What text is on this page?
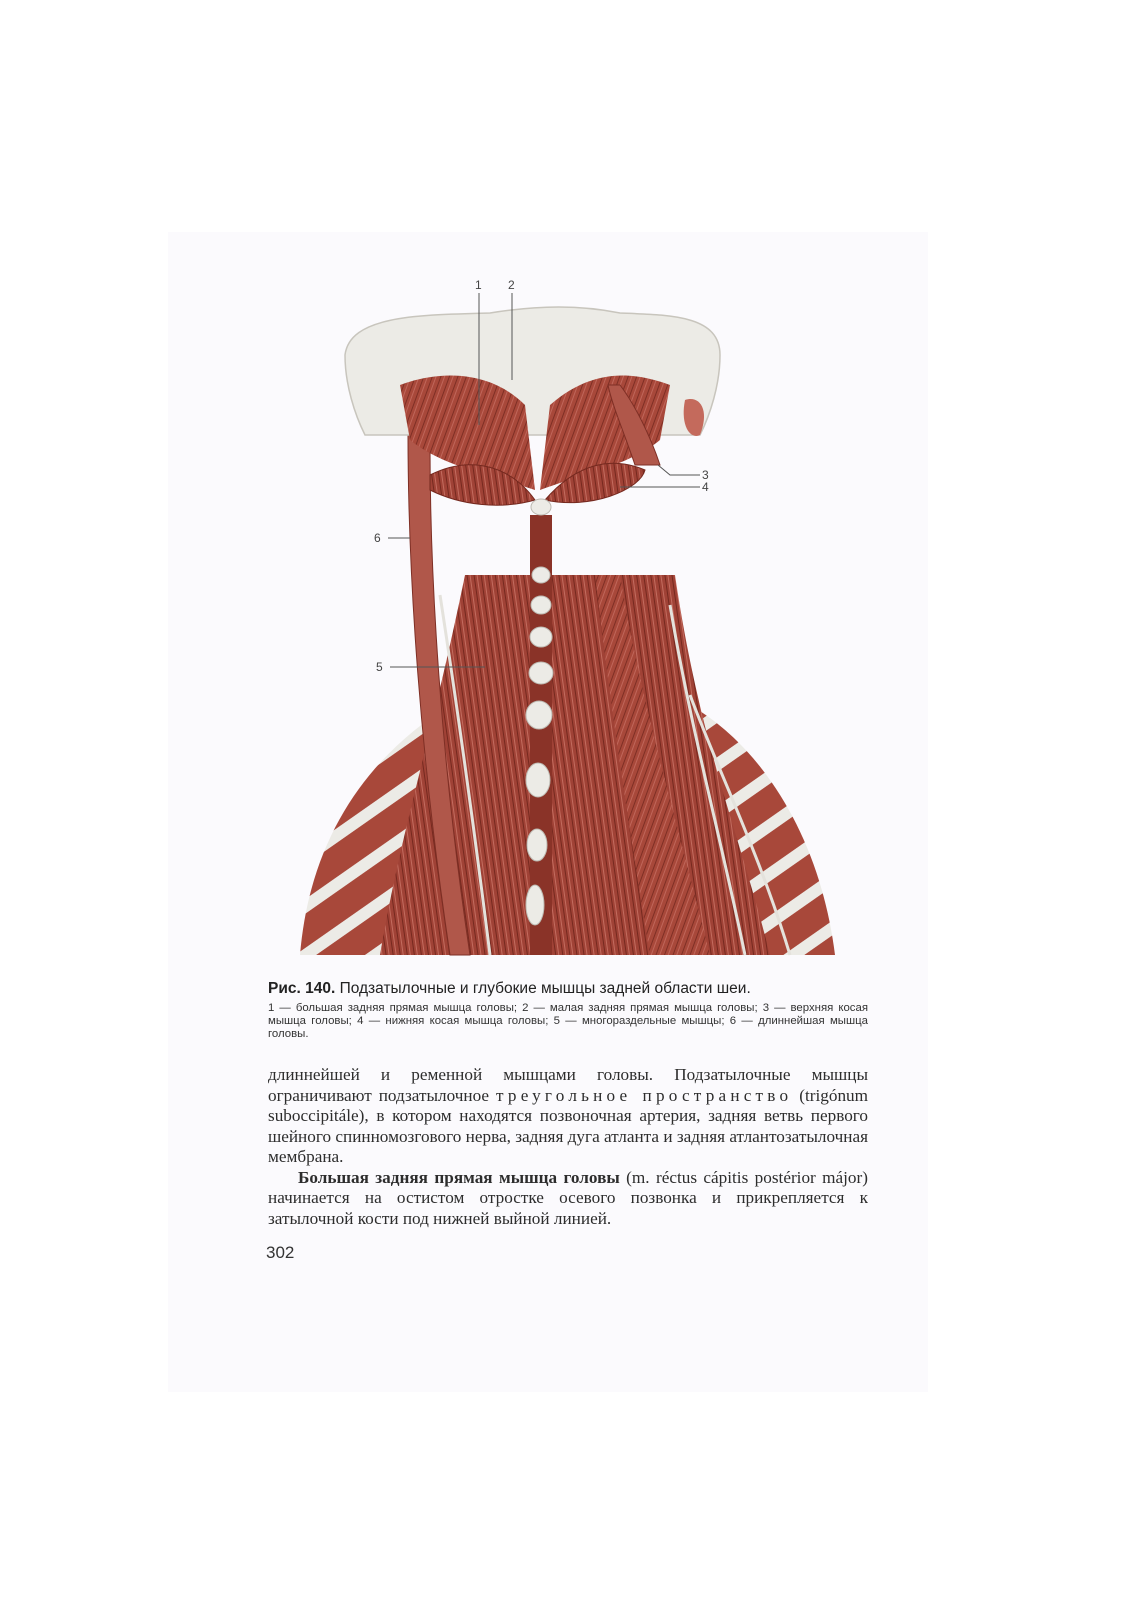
1 2
3
4
5
6

Рис. 140. Подзатылочные и глубокие мышцы задней области шеи.

1 — большая задняя прямая мышца головы; 2 — малая задняя прямая мышца головы; 3 — верхняя косая мышца головы; 4 — нижняя косая мышца головы; 5 — многораздельные мышцы; 6 — длиннейшая мышца головы.

длиннейшей и ременной мышцами головы. Подзатылочные мышцы ограничивают подзатылочное треугольное пространство (trigónum suboccipitále), в котором находятся позвоночная артерия, задняя ветвь первого шейного спинномозгового нерва, задняя дуга атланта и задняя атлантозатылочная мембрана.

Большая задняя прямая мышца головы (m. réctus cápitis postérior májor) начинается на остистом отростке осевого позвонка и прикрепляется к затылочной кости под нижней выйной линией.

302
